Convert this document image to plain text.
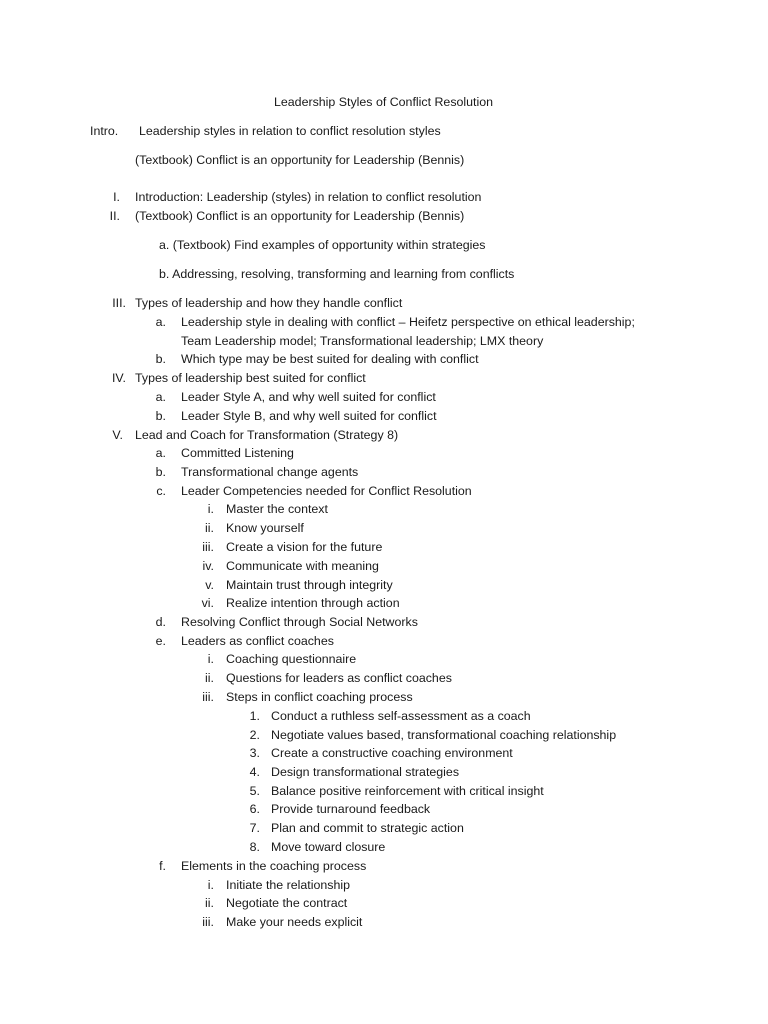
Leadership Styles of Conflict Resolution
Intro. Leadership styles in relation to conflict resolution styles
(Textbook) Conflict is an opportunity for Leadership (Bennis)
I. Introduction: Leadership (styles) in relation to conflict resolution
II. (Textbook) Conflict is an opportunity for Leadership (Bennis)
a. (Textbook) Find examples of opportunity within strategies
b. Addressing, resolving, transforming and learning from conflicts
III. Types of leadership and how they handle conflict
a. Leadership style in dealing with conflict – Heifetz perspective on ethical leadership;
Team Leadership model; Transformational leadership; LMX theory
b. Which type may be best suited for dealing with conflict
IV. Types of leadership best suited for conflict
a. Leader Style A, and why well suited for conflict
b. Leader Style B, and why well suited for conflict
V. Lead and Coach for Transformation (Strategy 8)
a. Committed Listening
b. Transformational change agents
c. Leader Competencies needed for Conflict Resolution
i. Master the context
ii. Know yourself
iii. Create a vision for the future
iv. Communicate with meaning
v. Maintain trust through integrity
vi. Realize intention through action
d. Resolving Conflict through Social Networks
e. Leaders as conflict coaches
i. Coaching questionnaire
ii. Questions for leaders as conflict coaches
iii. Steps in conflict coaching process
1. Conduct a ruthless self-assessment as a coach
2. Negotiate values based, transformational coaching relationship
3. Create a constructive coaching environment
4. Design transformational strategies
5. Balance positive reinforcement with critical insight
6. Provide turnaround feedback
7. Plan and commit to strategic action
8. Move toward closure
f. Elements in the coaching process
i. Initiate the relationship
ii. Negotiate the contract
iii. Make your needs explicit
